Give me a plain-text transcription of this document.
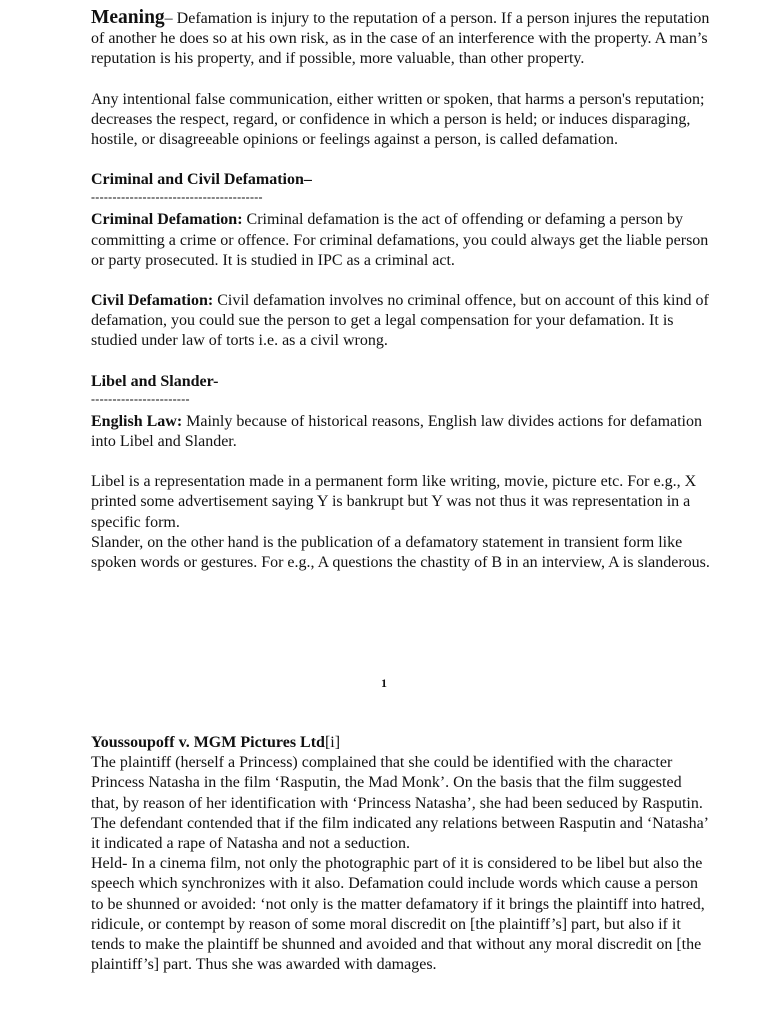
Meaning– Defamation is injury to the reputation of a person. If a person injures the reputation of another he does so at his own risk, as in the case of an interference with the property. A man’s reputation is his property, and if possible, more valuable, than other property.

Any intentional false communication, either written or spoken, that harms a person's reputation; decreases the respect, regard, or confidence in which a person is held; or induces disparaging, hostile, or disagreeable opinions or feelings against a person, is called defamation.

Criminal and Civil Defamation–

----------------------------------------

Criminal Defamation: Criminal defamation is the act of offending or defaming a person by committing a crime or offence. For criminal defamations, you could always get the liable person or party prosecuted. It is studied in IPC as a criminal act.

Civil Defamation: Civil defamation involves no criminal offence, but on account of this kind of defamation, you could sue the person to get a legal compensation for your defamation. It is studied under law of torts i.e. as a civil wrong.

Libel and Slander-

-----------------------

English Law: Mainly because of historical reasons, English law divides actions for defamation into Libel and Slander.

Libel is a representation made in a permanent form like writing, movie, picture etc. For e.g., X printed some advertisement saying Y is bankrupt but Y was not thus it was representation in a specific form.

Slander, on the other hand is the publication of a defamatory statement in transient form like spoken words or gestures. For e.g., A questions the chastity of B in an interview, A is slanderous.

1

Youssoupoff v. MGM Pictures Ltd[i]

The plaintiff (herself a Princess) complained that she could be identified with the character Princess Natasha in the film ‘Rasputin, the Mad Monk’. On the basis that the film suggested that, by reason of her identification with ‘Princess Natasha’, she had been seduced by Rasputin. The defendant contended that if the film indicated any relations between Rasputin and ‘Natasha’ it indicated a rape of Natasha and not a seduction.

Held- In a cinema film, not only the photographic part of it is considered to be libel but also the speech which synchronizes with it also. Defamation could include words which cause a person to be shunned or avoided: ‘not only is the matter defamatory if it brings the plaintiff into hatred, ridicule, or contempt by reason of some moral discredit on [the plaintiff’s] part, but also if it tends to make the plaintiff be shunned and avoided and that without any moral discredit on [the plaintiff’s] part. Thus she was awarded with damages.
